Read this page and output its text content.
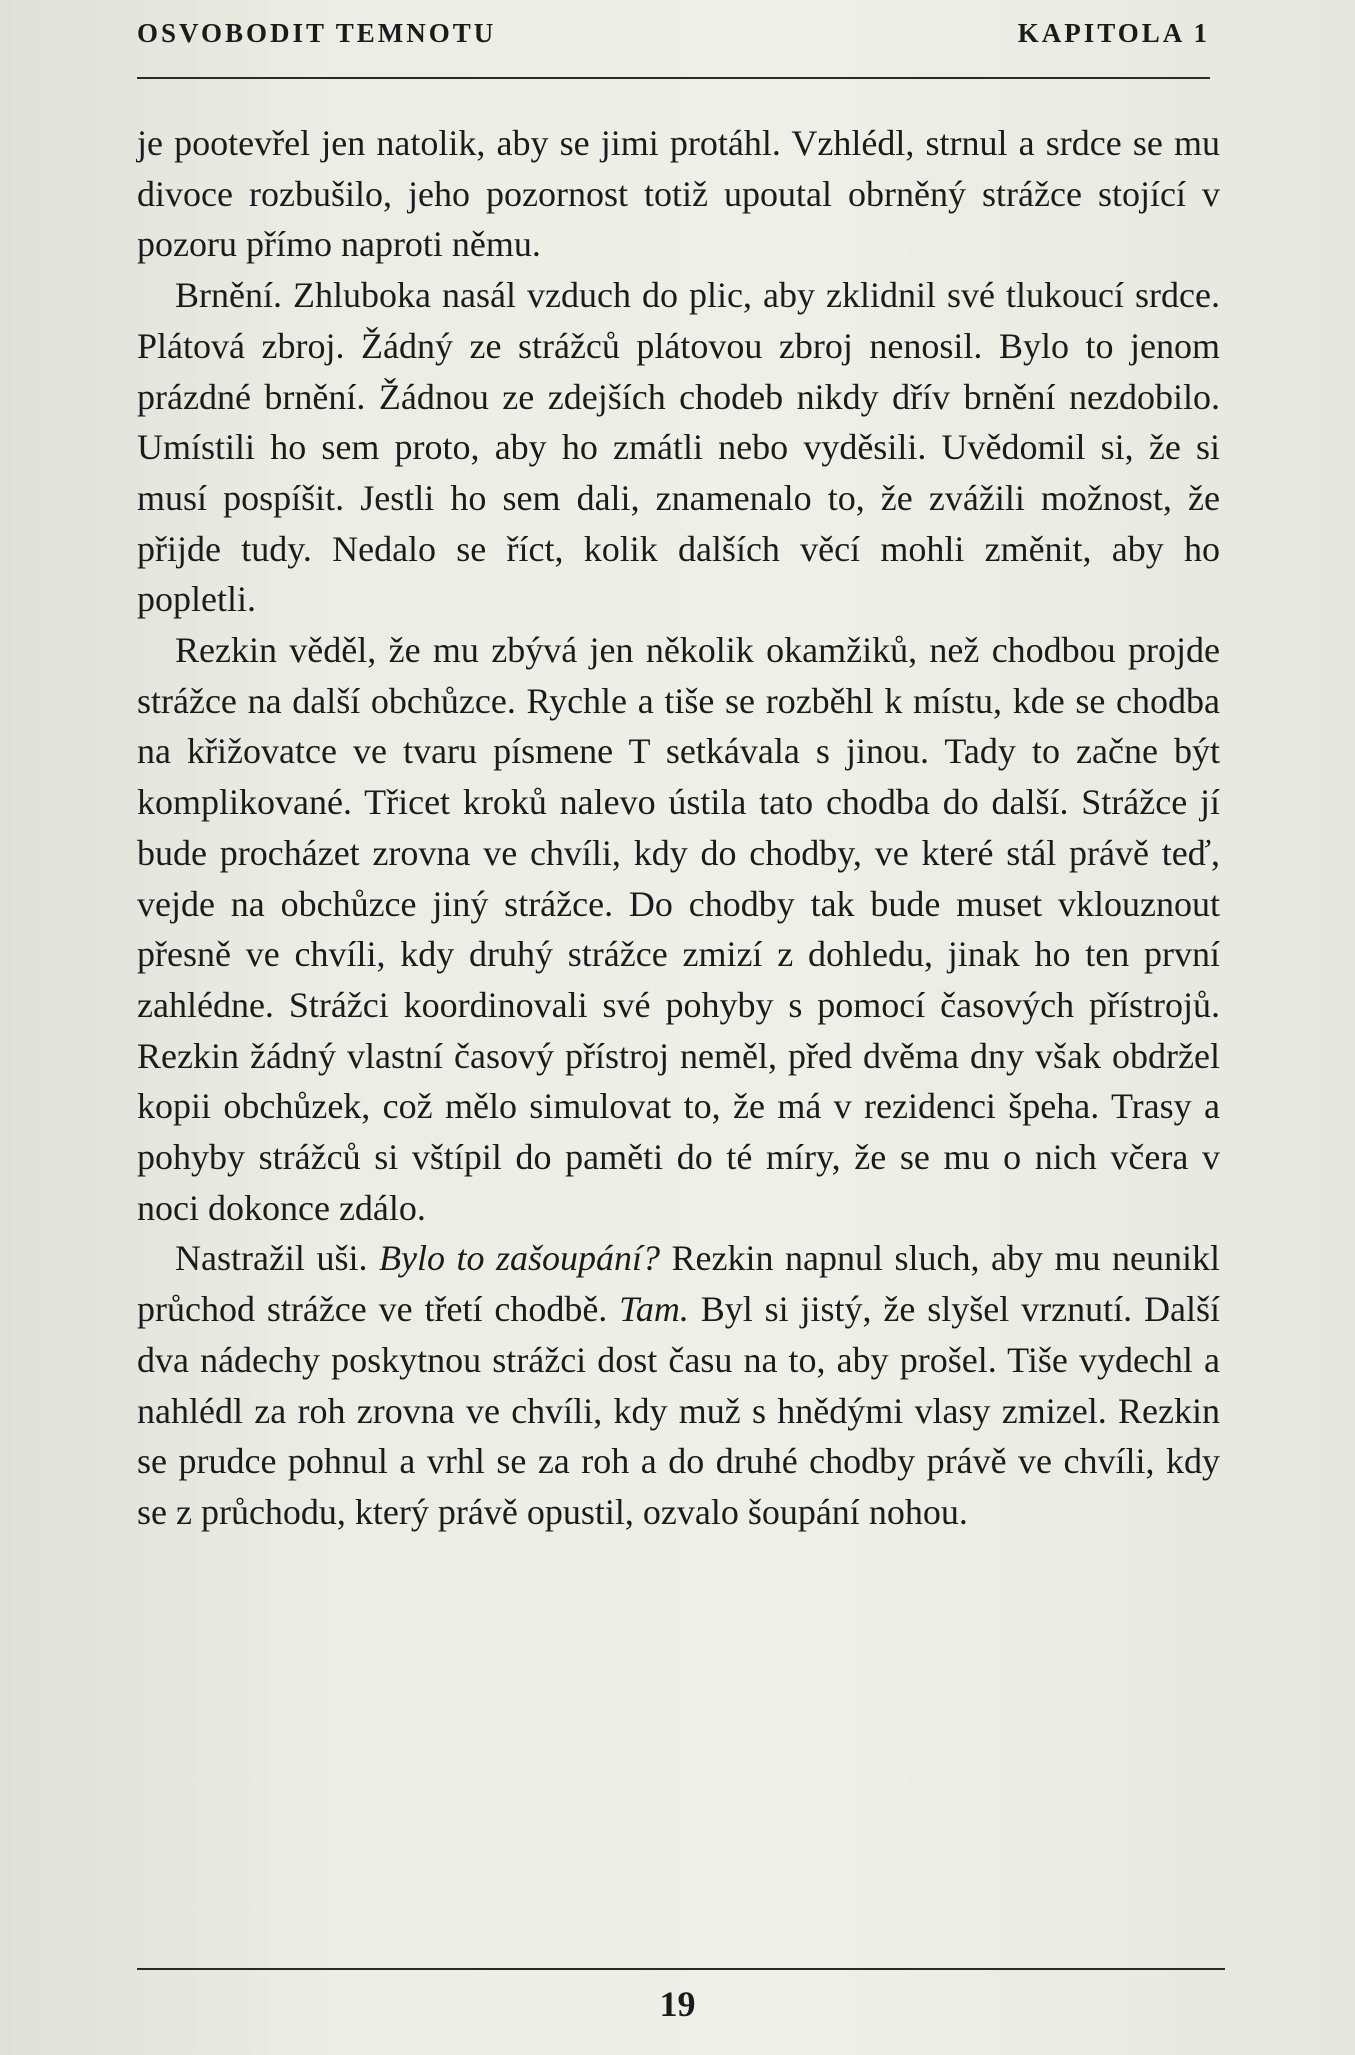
OSVOBODIT TEMNOTU	KAPITOLA 1

je pootevřel jen natolik, aby se jimi protáhl. Vzhlédl, strnul a srdce se mu divoce rozbušilo, jeho pozornost totiž upoutal obrněný strážce stojící v pozoru přímo naproti němu.

Brnění. Zhluboka nasál vzduch do plic, aby zklidnil své tlukoucí srdce. Plátová zbroj. Žádný ze strážců plátovou zbroj nenosil. Bylo to jenom prázdné brnění. Žádnou ze zdejších chodeb nikdy dřív brnění nezdobilo. Umístili ho sem proto, aby ho zmátli nebo vyděsili. Uvědomil si, že si musí pospíšit. Jestli ho sem dali, znamenalo to, že zvážili možnost, že přijde tudy. Nedalo se říct, kolik dalších věcí mohli změnit, aby ho popletli.

Rezkin věděl, že mu zbývá jen několik okamžiků, než chodbou projde strážce na další obchůzce. Rychle a tiše se rozběhl k místu, kde se chodba na křižovatce ve tvaru písmene T setkávala s jinou. Tady to začne být komplikované. Třicet kroků nalevo ústila tato chodba do další. Strážce jí bude procházet zrovna ve chvíli, kdy do chodby, ve které stál právě teď, vejde na obchůzce jiný strážce. Do chodby tak bude muset vklouznout přesně ve chvíli, kdy druhý strážce zmizí z dohledu, jinak ho ten první zahlédne. Strážci koordinovali své pohyby s pomocí časových přístrojů. Rezkin žádný vlastní časový přístroj neměl, před dvěma dny však obdržel kopii obchůzek, což mělo simulovat to, že má v rezidenci špeha. Trasy a pohyby strážců si vštípil do paměti do té míry, že se mu o nich včera v noci dokonce zdálo.

Nastražil uši. Bylo to zašoupání? Rezkin napnul sluch, aby mu neunikl průchod strážce ve třetí chodbě. Tam. Byl si jistý, že slyšel vrznutí. Další dva nádechy poskytnou strážci dost času na to, aby prošel. Tiše vydechl a nahlédl za roh zrovna ve chvíli, kdy muž s hnědými vlasy zmizel. Rezkin se prudce pohnul a vrhl se za roh a do druhé chodby právě ve chvíli, kdy se z průchodu, který právě opustil, ozvalo šoupání nohou.

19
